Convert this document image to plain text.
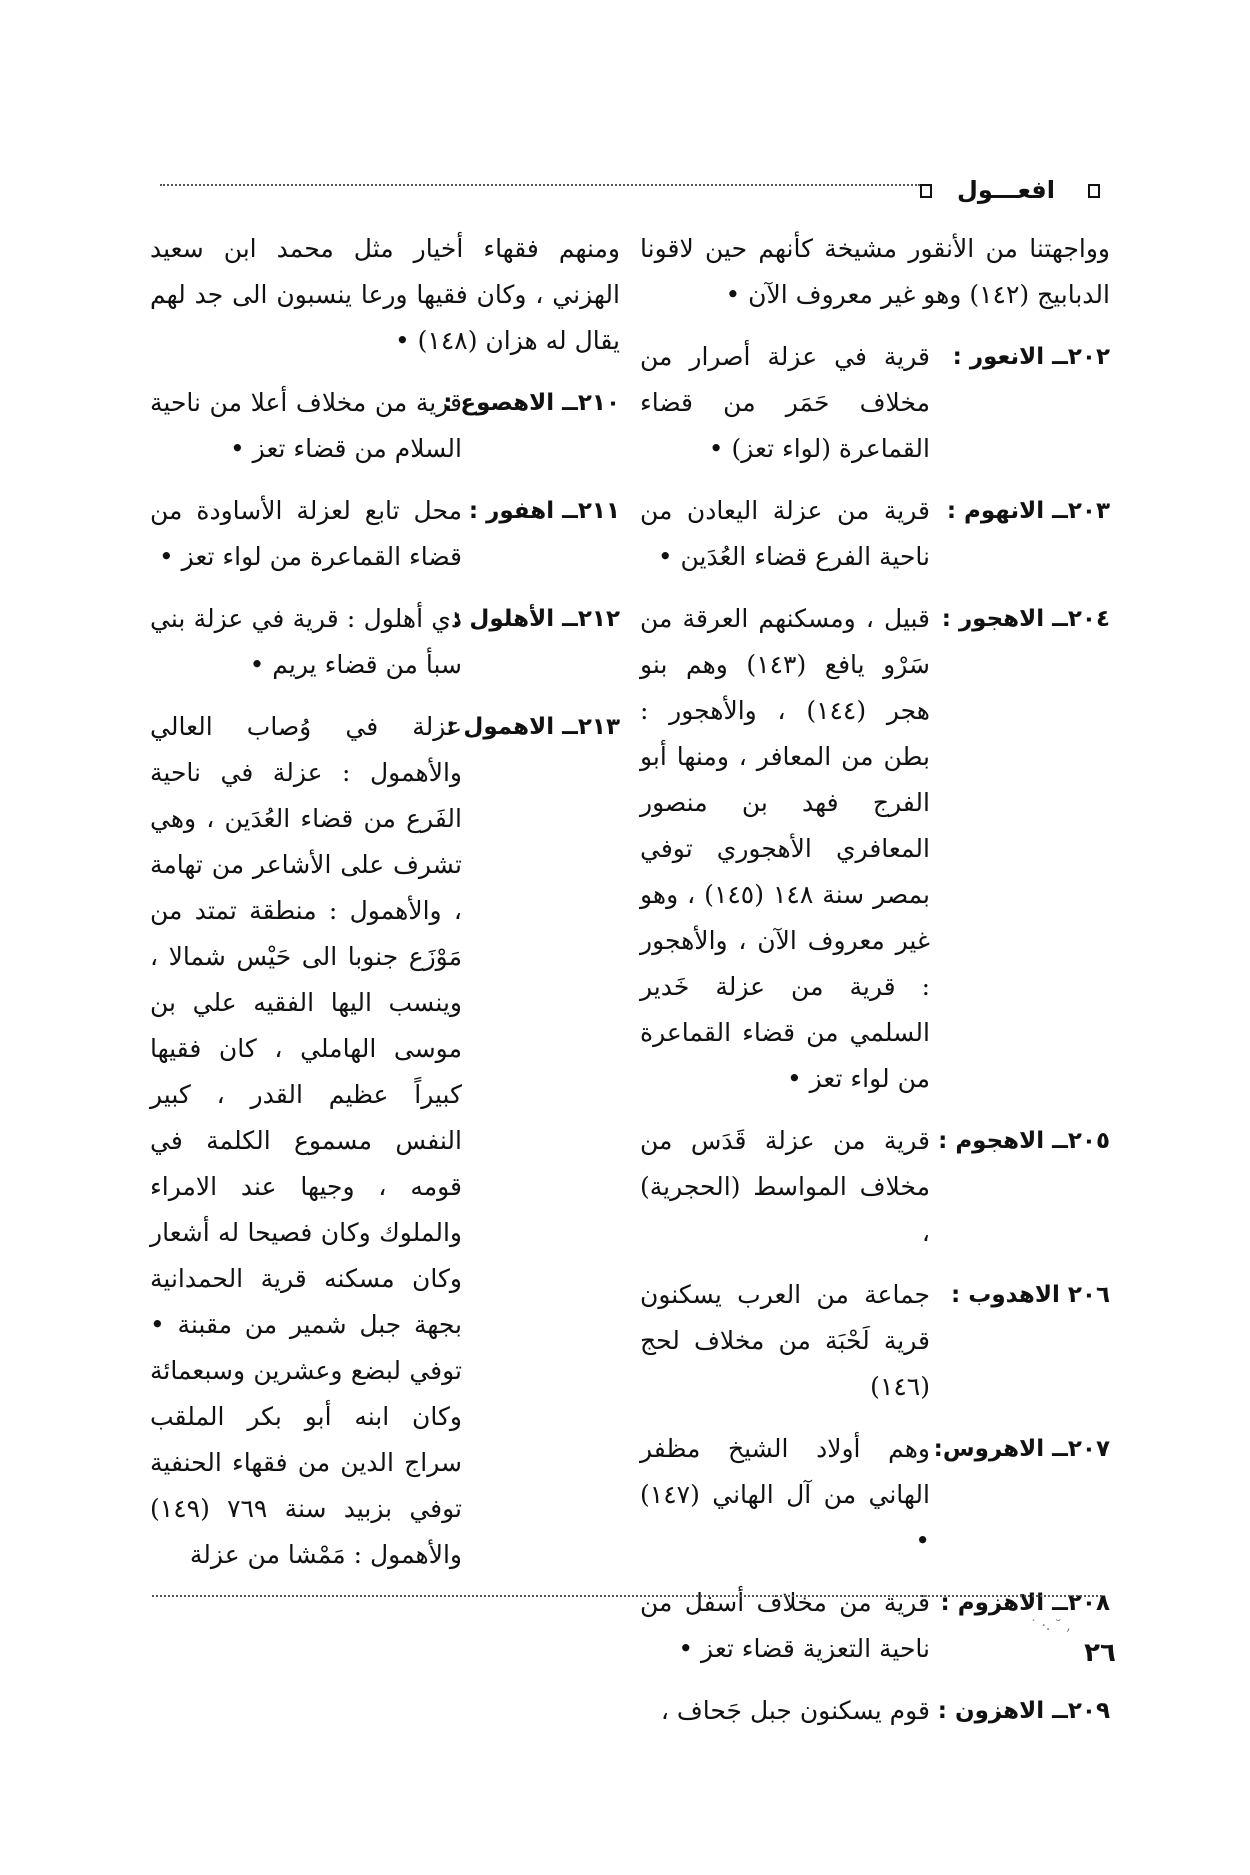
افعـــول
وواجهتنا من الأنقور مشيخة كأنهم حين لاقونا الدبابيج (١٤٢) وهو غير معروف الآن •
٢٠٢ــ الانعور :
قرية في عزلة أصرار من مخلاف حَمَر من قضاء القماعرة (لواء تعز) •
٢٠٣ــ الانهوم :
قرية من عزلة اليعادن من ناحية الفرع قضاء العُدَين •
٢٠٤ــ الاهجور :
قبيل ، ومسكنهم العرقة من سَرْو يافع (١٤٣) وهم بنو هجر (١٤٤) ، والأهجور : بطن من المعافر ، ومنها أبو الفرج فهد بن منصور المعافري الأهجوري توفي بمصر سنة ١٤٨ (١٤٥) ، وهو غير معروف الآن ، والأهجور : قرية من عزلة خَدير السلمي من قضاء القماعرة من لواء تعز •
٢٠٥ــ الاهجوم :
قرية من عزلة قَدَس من مخلاف المواسط (الحجرية) ،
٢٠٦ الاهدوب :
جماعة من العرب يسكنون قرية لَحْبَة من مخلاف لحج (١٤٦)
٢٠٧ــ الاهروس:
وهم أولاد الشيخ مظفر الهاني من آل الهاني (١٤٧) •
٢٠٨ــ الاهزوم :
قرية من مخلاف أسفل من ناحية التعزية قضاء تعز •
٢٠٩ــ الاهزون :
قوم يسكنون جبل جَحاف ،
ومنهم فقهاء أخيار مثل محمد ابن سعيد الهزني ، وكان فقيها ورعا ينسبون الى جد لهم يقال له هزان (١٤٨) •
٢١٠ــ الاهصوع :
قرية من مخلاف أعلا من ناحية السلام من قضاء تعز •
٢١١ــ اهفور :
محل تابع لعزلة الأساودة من قضاء القماعرة من لواء تعز •
٢١٢ــ الأهلول :
ذي أهلول : قرية في عزلة بني سبأ من قضاء يريم •
٢١٣ــ الاهمول :
عزلة في وُصاب العالي والأهمول : عزلة في ناحية الفَرع من قضاء العُدَين ، وهي تشرف على الأشاعر من تهامة ، والأهمول : منطقة تمتد من مَوْزَع جنوبا الى حَيْس شمالا ، وينسب اليها الفقيه علي بن موسى الهاملي ، كان فقيها كبيراً عظيم القدر ، كبير النفس مسموع الكلمة في قومه ، وجيها عند الامراء والملوك وكان فصيحا له أشعار وكان مسكنه قرية الحمدانية بجهة جبل شمير من مقبنة • توفي لبضع وعشرين وسبعمائة وكان ابنه أبو بكر الملقب سراج الدين من فقهاء الحنفية توفي بزبيد سنة ٧٦٩ (١٤٩) والأهمول : مَمْشا من عزلة
˙ ·. ˘ ,
٢٦
